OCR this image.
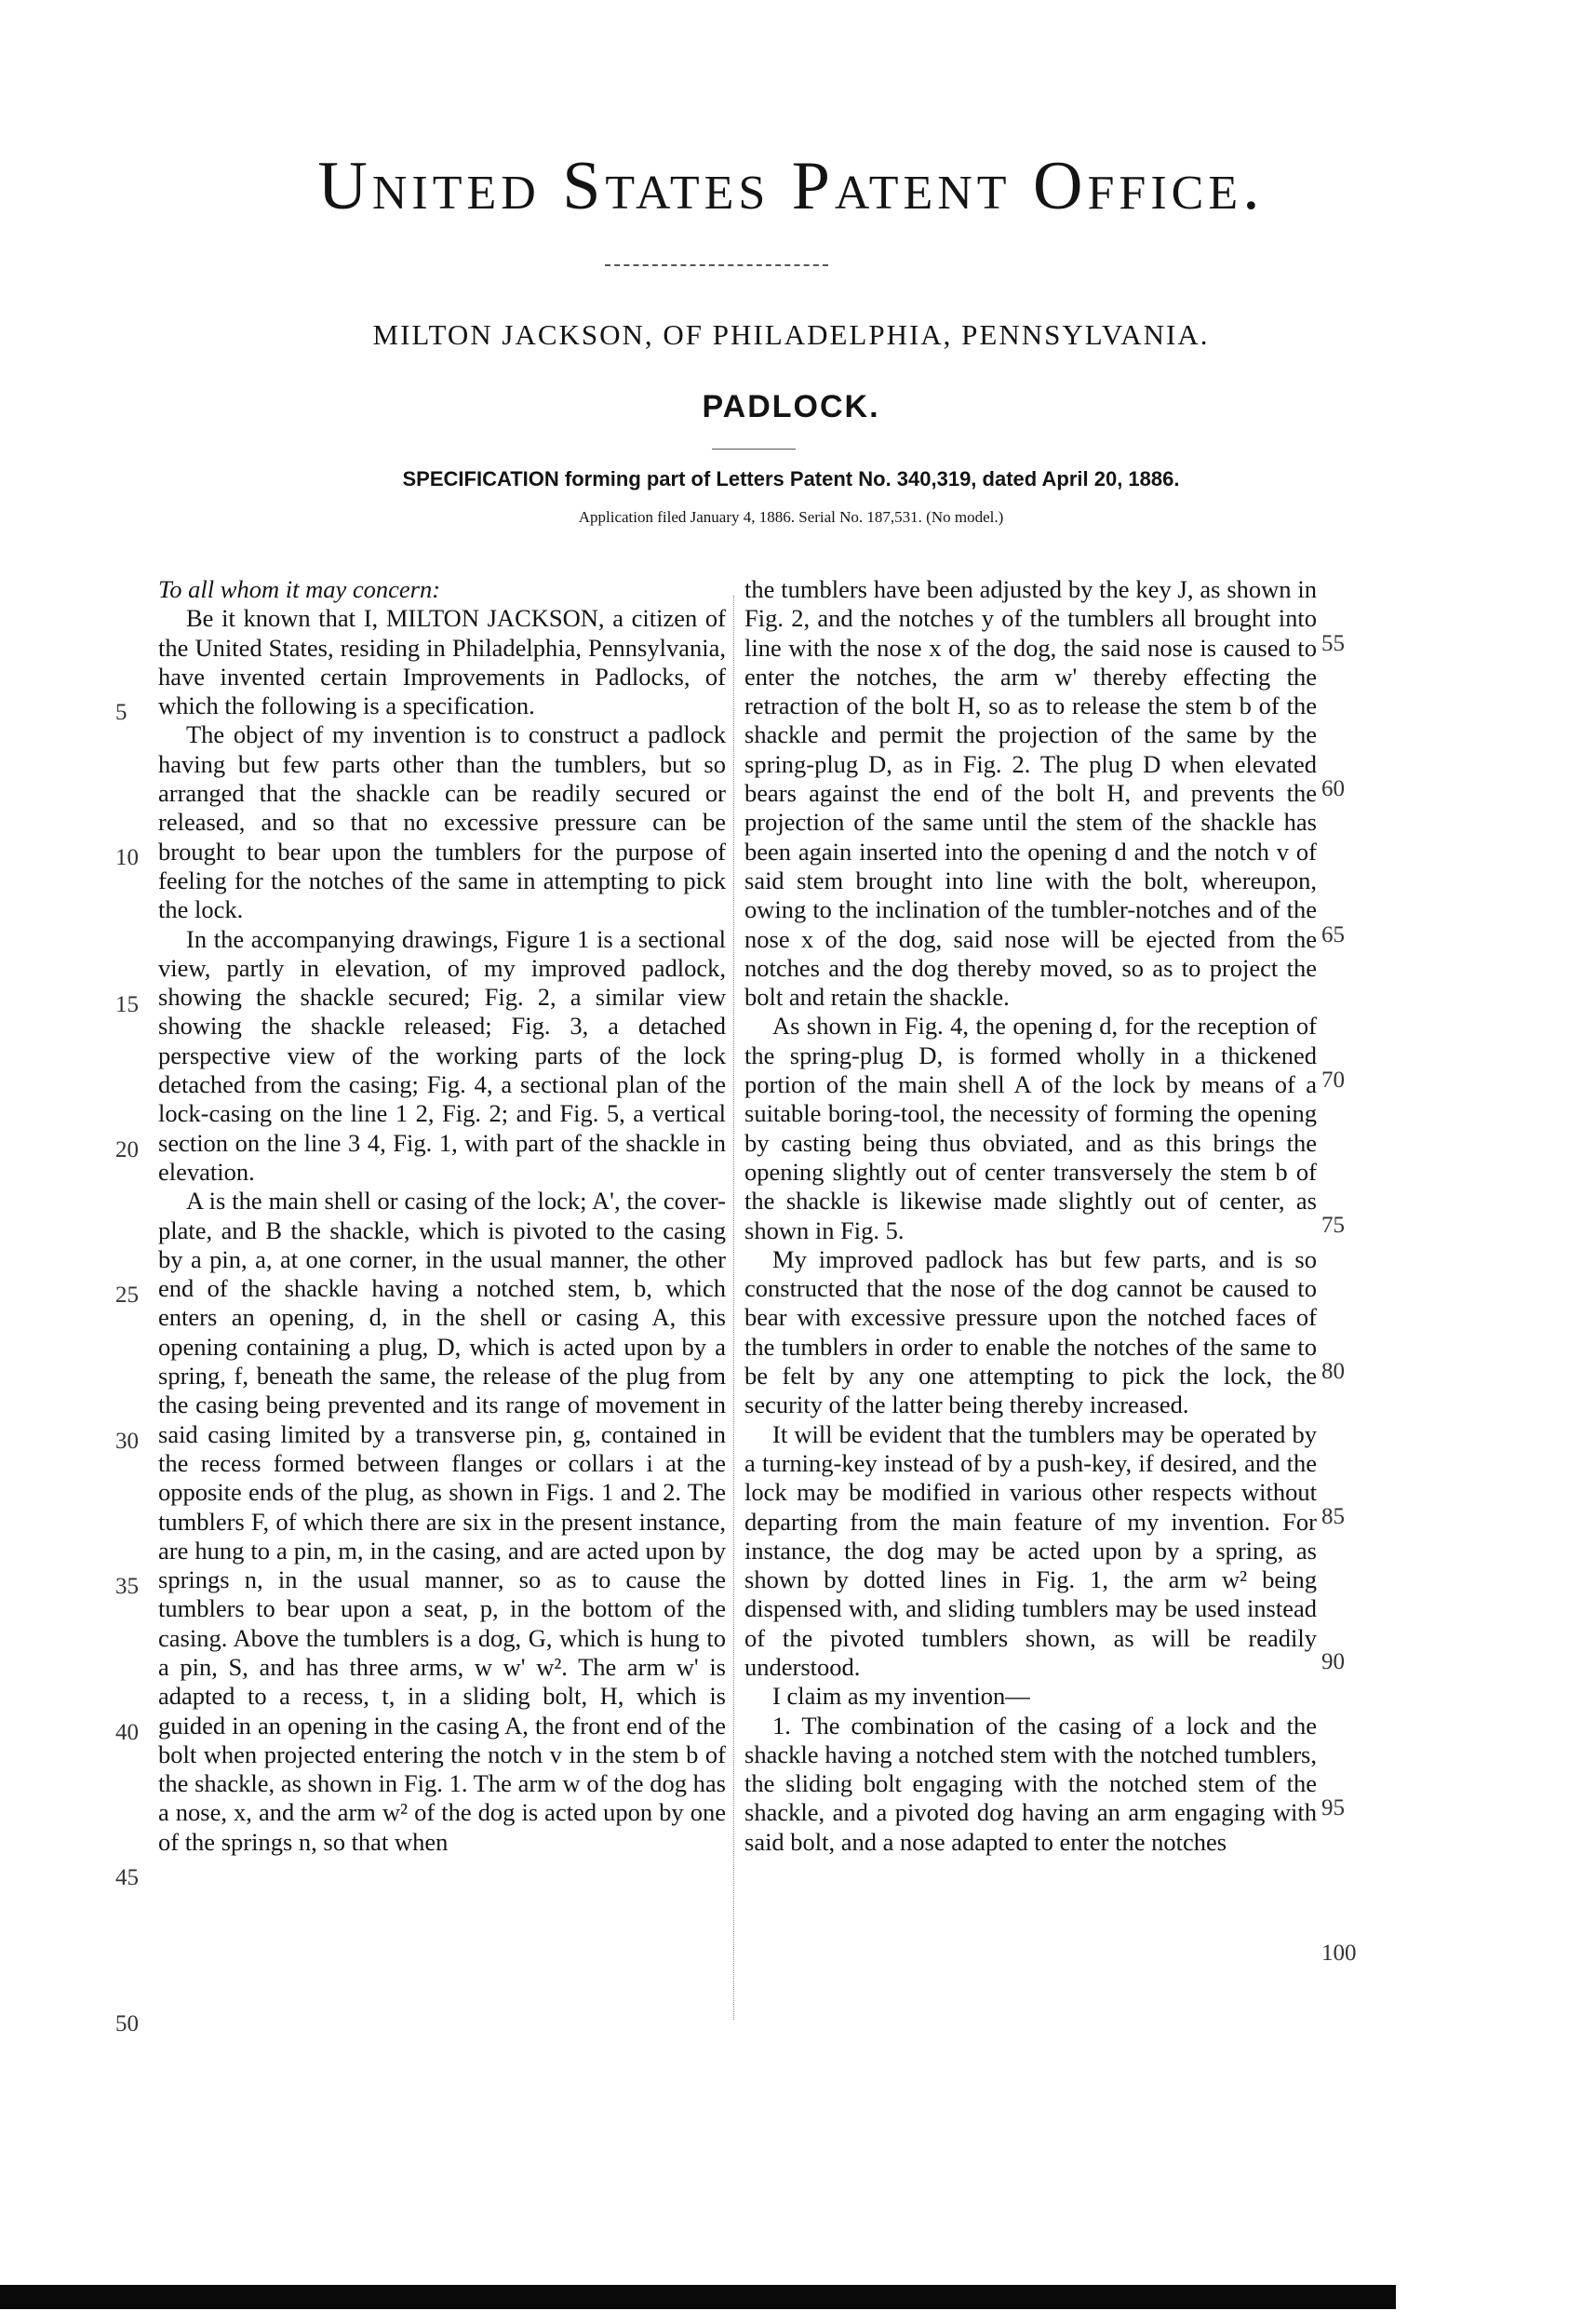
United States Patent Office.
MILTON JACKSON, OF PHILADELPHIA, PENNSYLVANIA.
PADLOCK.
SPECIFICATION forming part of Letters Patent No. 340,319, dated April 20, 1886.
Application filed January 4, 1886. Serial No. 187,531. (No model.)

To all whom it may concern:

Be it known that I, MILTON JACKSON, a citizen of the United States, residing in Philadelphia, Pennsylvania, have invented certain Improvements in Padlocks, of which the following is a specification.

The object of my invention is to construct a padlock having but few parts other than the tumblers, but so arranged that the shackle can be readily secured or released, and so that no excessive pressure can be brought to bear upon the tumblers for the purpose of feeling for the notches of the same in attempting to pick the lock.

In the accompanying drawings, Figure 1 is a sectional view, partly in elevation, of my improved padlock, showing the shackle secured; Fig. 2, a similar view showing the shackle released; Fig. 3, a detached perspective view of the working parts of the lock detached from the casing; Fig. 4, a sectional plan of the lock-casing on the line 1 2, Fig. 2; and Fig. 5, a vertical section on the line 3 4, Fig. 1, with part of the shackle in elevation.

A is the main shell or casing of the lock; A', the cover-plate, and B the shackle, which is pivoted to the casing by a pin, a, at one corner, in the usual manner, the other end of the shackle having a notched stem, b, which enters an opening, d, in the shell or casing A, this opening containing a plug, D, which is acted upon by a spring, f, beneath the same, the release of the plug from the casing being prevented and its range of movement in said casing limited by a transverse pin, g, contained in the recess formed between flanges or collars i at the opposite ends of the plug, as shown in Figs. 1 and 2. The tumblers F, of which there are six in the present instance, are hung to a pin, m, in the casing, and are acted upon by springs n, in the usual manner, so as to cause the tumblers to bear upon a seat, p, in the bottom of the casing. Above the tumblers is a dog, G, which is hung to a pin, S, and has three arms, w w' w². The arm w' is adapted to a recess, t, in a sliding bolt, H, which is guided in an opening in the casing A, the front end of the bolt when projected entering the notch v in the stem b of the shackle, as shown in Fig. 1. The arm w of the dog has a nose, x, and the arm w² of the dog is acted upon by one of the springs n, so that when

the tumblers have been adjusted by the key J, as shown in Fig. 2, and the notches y of the tumblers all brought into line with the nose x of the dog, the said nose is caused to enter the notches, the arm w' thereby effecting the retraction of the bolt H, so as to release the stem b of the shackle and permit the projection of the same by the spring-plug D, as in Fig. 2. The plug D when elevated bears against the end of the bolt H, and prevents the projection of the same until the stem of the shackle has been again inserted into the opening d and the notch v of said stem brought into line with the bolt, whereupon, owing to the inclination of the tumbler-notches and of the nose x of the dog, said nose will be ejected from the notches and the dog thereby moved, so as to project the bolt and retain the shackle.

As shown in Fig. 4, the opening d, for the reception of the spring-plug D, is formed wholly in a thickened portion of the main shell A of the lock by means of a suitable boring-tool, the necessity of forming the opening by casting being thus obviated, and as this brings the opening slightly out of center transversely the stem b of the shackle is likewise made slightly out of center, as shown in Fig. 5.

My improved padlock has but few parts, and is so constructed that the nose of the dog cannot be caused to bear with excessive pressure upon the notched faces of the tumblers in order to enable the notches of the same to be felt by any one attempting to pick the lock, the security of the latter being thereby increased.

It will be evident that the tumblers may be operated by a turning-key instead of by a push-key, if desired, and the lock may be modified in various other respects without departing from the main feature of my invention. For instance, the dog may be acted upon by a spring, as shown by dotted lines in Fig. 1, the arm w² being dispensed with, and sliding tumblers may be used instead of the pivoted tumblers shown, as will be readily understood.

I claim as my invention—

1. The combination of the casing of a lock and the shackle having a notched stem with the notched tumblers, the sliding bolt engaging with the notched stem of the shackle, and a pivoted dog having an arm engaging with said bolt, and a nose adapted to enter the notches

5
10
15
20
25
30
35
40
45
50
55
60
65
70
75
80
85
90
95
100
